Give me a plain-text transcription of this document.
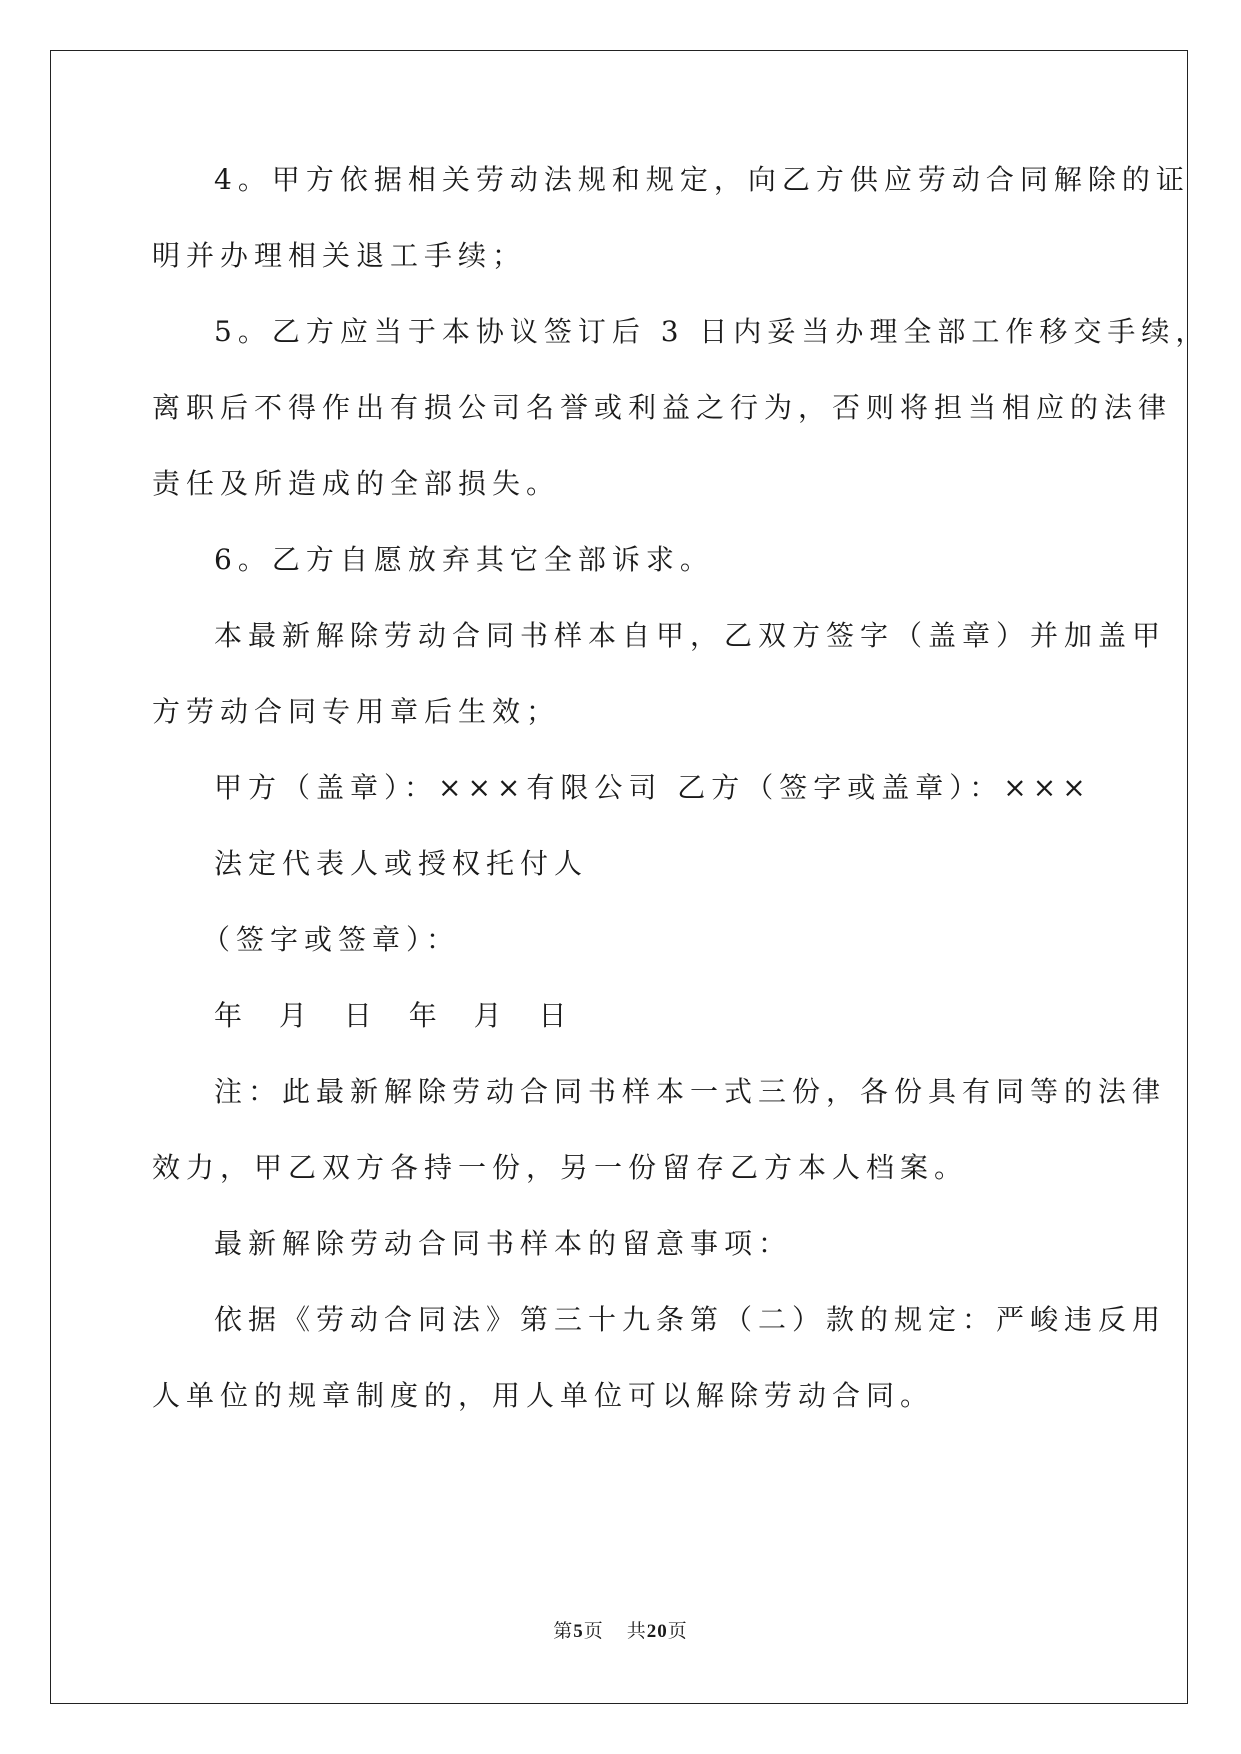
4。甲方依据相关劳动法规和规定，向乙方供应劳动合同解除的证
明并办理相关退工手续；
5。乙方应当于本协议签订后 3 日内妥当办理全部工作移交手续，
离职后不得作出有损公司名誉或利益之行为，否则将担当相应的法律
责任及所造成的全部损失。
6。乙方自愿放弃其它全部诉求。
本最新解除劳动合同书样本自甲，乙双方签字（盖章）并加盖甲
方劳动合同专用章后生效；
甲方（盖章）：×××有限公司 乙方（签字或盖章）：×××
法定代表人或授权托付人
（签字或签章）：
年 月 日 年 月 日
注：此最新解除劳动合同书样本一式三份，各份具有同等的法律
效力，甲乙双方各持一份，另一份留存乙方本人档案。
最新解除劳动合同书样本的留意事项：
依据《劳动合同法》第三十九条第（二）款的规定：严峻违反用
人单位的规章制度的，用人单位可以解除劳动合同。
第5页 共20页
